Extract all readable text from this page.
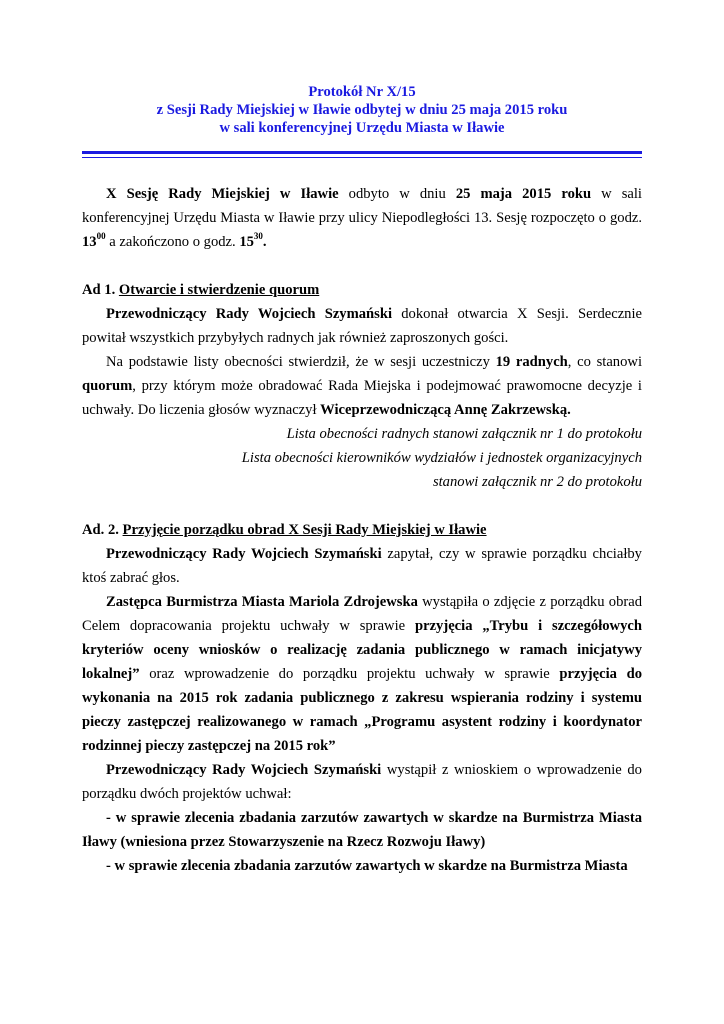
Protokół Nr X/15
z Sesji Rady Miejskiej w Iławie odbytej w dniu 25 maja 2015 roku
w sali konferencyjnej Urzędu Miasta w Iławie

X Sesję Rady Miejskiej w Iławie odbyto w dniu 25 maja 2015 roku w sali konferencyjnej Urzędu Miasta w Iławie przy ulicy Niepodległości 13. Sesję rozpoczęto o godz. $13^{00}$ a zakończono o godz. $15^{30}$.

Ad 1. Otwarcie i stwierdzenie quorum

Przewodniczący Rady Wojciech Szymański dokonał otwarcia X Sesji. Serdecznie powitał wszystkich przybyłych radnych jak również zaproszonych gości.

Na podstawie listy obecności stwierdził, że w sesji uczestniczy 19 radnych, co stanowi quorum, przy którym może obradować Rada Miejska i podejmować prawomocne decyzje i uchwały. Do liczenia głosów wyznaczył Wiceprzewodniczącą Annę Zakrzewską.

Lista obecności radnych stanowi załącznik nr 1 do protokołu

Lista obecności kierowników wydziałów i jednostek organizacyjnych

stanowi załącznik nr 2 do protokołu

Ad. 2. Przyjęcie porządku obrad X Sesji Rady Miejskiej w Iławie

Przewodniczący Rady Wojciech Szymański zapytał, czy w sprawie porządku chciałby ktoś zabrać głos.

Zastępca Burmistrza Miasta Mariola Zdrojewska wystąpiła o zdjęcie z porządku obrad Celem dopracowania projektu uchwały w sprawie przyjęcia „Trybu i szczegółowych kryteriów oceny wniosków o realizację zadania publicznego w ramach inicjatywy lokalnej” oraz wprowadzenie do porządku projektu uchwały w sprawie przyjęcia do wykonania na 2015 rok zadania publicznego z zakresu wspierania rodziny i systemu pieczy zastępczej realizowanego w ramach „Programu asystent rodziny i koordynator rodzinnej pieczy zastępczej na 2015 rok”

Przewodniczący Rady Wojciech Szymański wystąpił z wnioskiem o wprowadzenie do porządku dwóch projektów uchwał:

- w sprawie zlecenia zbadania zarzutów zawartych w skardze na Burmistrza Miasta Iławy (wniesiona przez Stowarzyszenie na Rzecz Rozwoju Iławy)

- w sprawie zlecenia zbadania zarzutów zawartych w skardze na Burmistrza Miasta
